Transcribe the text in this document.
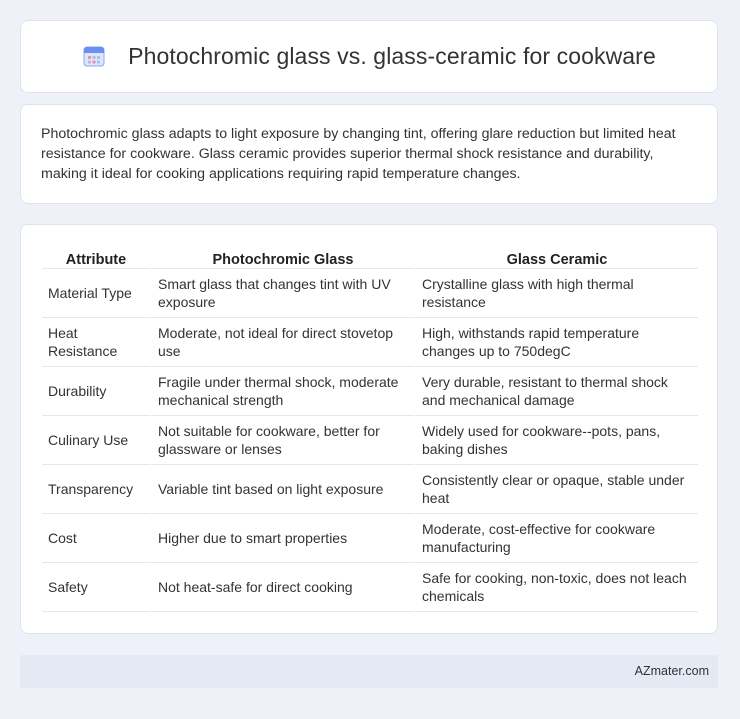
Photochromic glass vs. glass-ceramic for cookware

Photochromic glass adapts to light exposure by changing tint, offering glare reduction but limited heat resistance for cookware. Glass ceramic provides superior thermal shock resistance and durability, making it ideal for cooking applications requiring rapid temperature changes.

Attribute	Photochromic Glass	Glass Ceramic
Material Type	Smart glass that changes tint with UV exposure	Crystalline glass with high thermal resistance
Heat Resistance	Moderate, not ideal for direct stovetop use	High, withstands rapid temperature changes up to 750degC
Durability	Fragile under thermal shock, moderate mechanical strength	Very durable, resistant to thermal shock and mechanical damage
Culinary Use	Not suitable for cookware, better for glassware or lenses	Widely used for cookware--pots, pans, baking dishes
Transparency	Variable tint based on light exposure	Consistently clear or opaque, stable under heat
Cost	Higher due to smart properties	Moderate, cost-effective for cookware manufacturing
Safety	Not heat-safe for direct cooking	Safe for cooking, non-toxic, does not leach chemicals
AZmater.com
